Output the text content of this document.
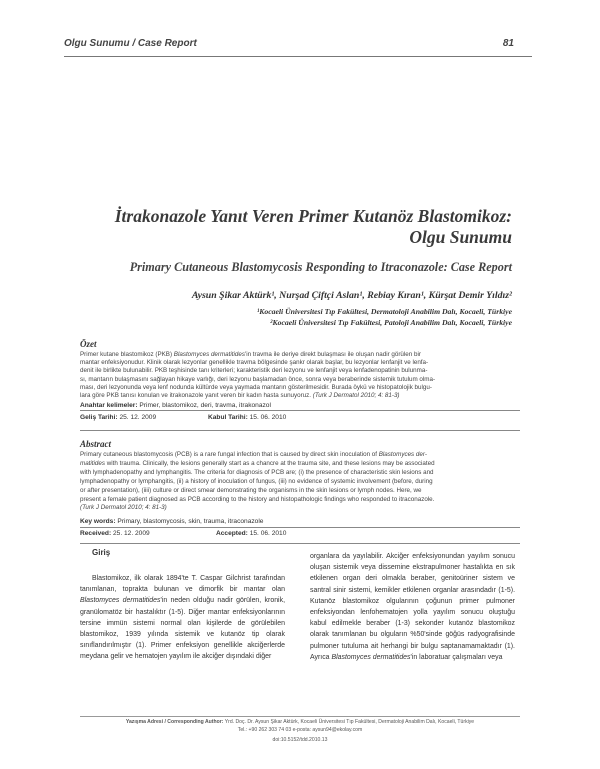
Olgu Sunumu / Case Report	81
İtrakonazole Yanıt Veren Primer Kutanöz Blastomikoz:
Olgu Sunumu
Primary Cutaneous Blastomycosis Responding to Itraconazole: Case Report
Aysun Şikar Aktürk¹, Nurşad Çiftçi Aslan¹, Rebiay Kıran¹, Kürşat Demir Yıldız²
¹Kocaeli Üniversitesi Tıp Fakültesi, Dermatoloji Anabilim Dalı, Kocaeli, Türkiye
²Kocaeli Üniversitesi Tıp Fakültesi, Patoloji Anabilim Dalı, Kocaeli, Türkiye
Özet
Primer kutane blastomikoz (PKB) Blastomyces dermatitides'in travma ile deriye direkt bulaşması ile oluşan nadir görülen bir
mantar enfeksiyonudur. Klinik olarak lezyonlar genellikle travma bölgesinde şankr olarak başlar, bu lezyonlar lenfanjit ve lenfa-
denit ile birlikte bulunabilir. PKB teşhisinde tanı kriterleri; karakteristik deri lezyonu ve lenfanjit veya lenfadenopatinin bulunma-
sı, mantarın bulaşmasını sağlayan hikaye varlığı, deri lezyonu başlamadan önce, sonra veya beraberinde sistemik tutulum olma-
ması, deri lezyonunda veya lenf nodunda kültürde veya yaymada mantarın gösterilmesidir. Burada öykü ve histopatolojik bulgu-
lara göre PKB tanısı konulan ve itrakonazole yanıt veren bir kadın hasta sunuyoruz. (Turk J Dermatol 2010; 4: 81-3)
Anahtar kelimeler: Primer, blastomikoz, deri, travma, itrakonazol
Geliş Tarihi: 25. 12. 2009	Kabul Tarihi: 15. 06. 2010
Abstract
Primary cutaneous blastomycosis (PCB) is a rare fungal infection that is caused by direct skin inoculation of Blastomyces der-
matitides with trauma. Clinically, the lesions generally start as a chancre at the trauma site, and these lesions may be associated
with lymphadenopathy and lymphangitis. The criteria for diagnosis of PCB are; (i) the presence of characteristic skin lesions and
lymphadenopathy or lymphangitis, (ii) a history of inoculation of fungus, (iii) no evidence of systemic involvement (before, during
or after presentation), (iiii) culture or direct smear demonstrating the organisms in the skin lesions or lymph nodes. Here, we
present a female patient diagnosed as PCB according to the history and histopathologic findings who responded to itraconazole.
(Turk J Dermatol 2010; 4: 81-3)
Key words: Primary, blastomycosis, skin, trauma, itraconazole
Received: 25. 12. 2009	Accepted: 15. 06. 2010
Giriş

Blastomikoz, ilk olarak 1894'te T. Caspar Gilchrist tarafından tanımlanan, toprakta bulunan ve dimorfik bir mantar olan Blastomyces dermatitides'in neden olduğu nadir görülen, kronik, granülomatöz bir hastalıktır (1-5). Diğer mantar enfeksiyonlarının tersine immün sistemi normal olan kişilerde de görülebilen blastomikoz, 1939 yılında sistemik ve kutanöz tip olarak sınıflandırılmıştır (1). Primer enfeksiyon genellikle akciğerlerde meydana gelir ve hematojen yayılım ile akciğer dışındaki diğer

organlara da yayılabilir. Akciğer enfeksiyonundan yayılım sonucu oluşan sistemik veya dissemine ekstrapulmoner hastalıkta en sık etkilenen organ deri olmakla beraber, genitoüriner sistem ve santral sinir sistemi, kemikler etkilenen organlar arasındadır (1-5). Kutanöz blastomikoz olgularının çoğunun primer pulmoner enfeksiyondan lenfohematojen yolla yayılım sonucu oluştuğu kabul edilmekle beraber (1-3) sekonder kutanöz blastomikoz olarak tanımlanan bu olguların %50'sinde göğüs radyografisinde pulmoner tutuluma ait herhangi bir bulgu saptanamamaktadır (1). Ayrıca Blastomyces dermatitides'in laboratuar çalışmaları veya

Yazışma Adresi / Corresponding Author: Yrd. Doç. Dr. Aysun Şikar Aktürk, Kocaeli Üniversitesi Tıp Fakültesi, Dermatoloji Anabilim Dalı, Kocaeli, Türkiye
Tel.: +90 262 303 74 03 e-posta: aysun94@ekolay.com
doi:10.5152/tdd.2010.13
